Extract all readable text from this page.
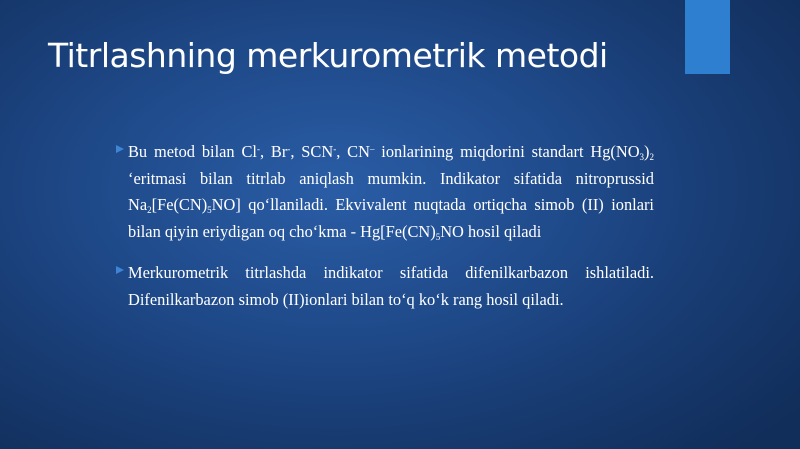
Titrlashning merkurometrik metodi

Bu metod bilan Cl-, Br-, SCN-, CN– ionlarining miqdorini standart $Hg(NO_3)_2$ ‘eritmasi bilan titrlab aniqlash mumkin. Indikator sifatida nitroprussid $Na_2[Fe(CN)_5NO]$ qo‘llaniladi. Ekvivalent nuqtada ortiqcha simob (II) ionlari bilan qiyin eriydigan oq cho‘kma - $Hg[Fe(CN)_5NO$ hosil qiladi

Merkurometrik titrlashda indikator sifatida difenilkarbazon ishlatiladi. Difenilkarbazon simob (II)ionlari bilan to‘q ko‘k rang hosil qiladi.
